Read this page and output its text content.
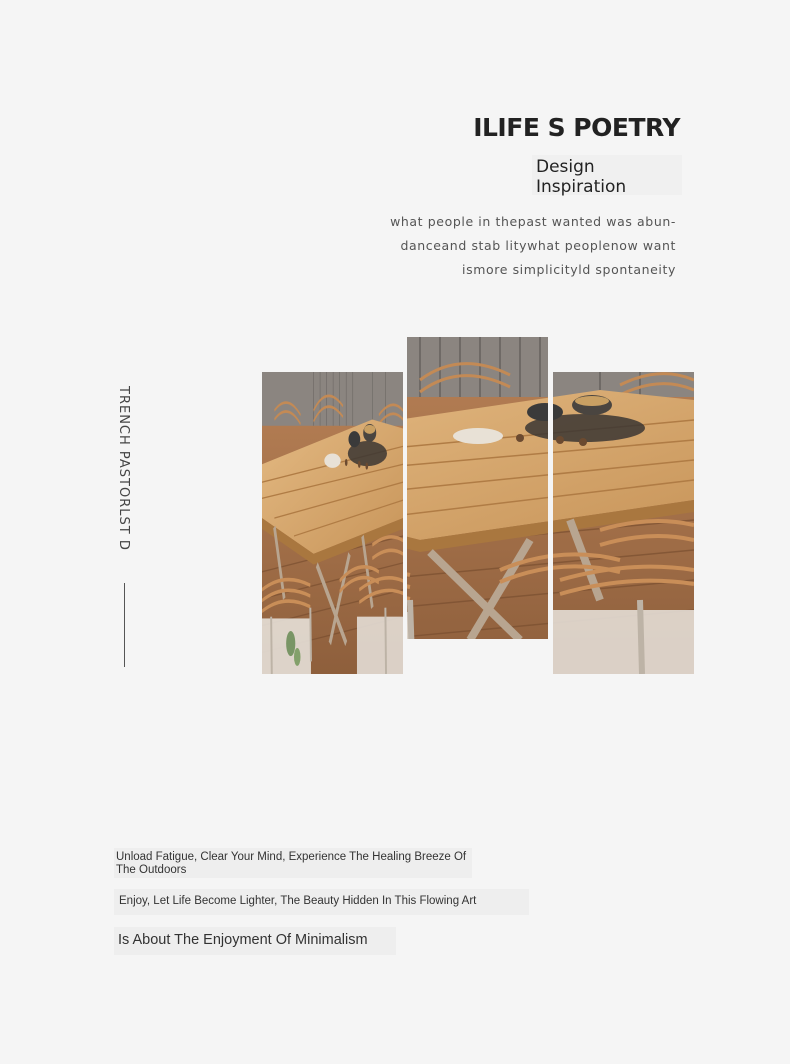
ILIFE S POETRY
Design
Inspiration
what people in thepast wanted was abun-
danceand stab litywhat peoplenow want
ismore simplicityld spontaneity
TRENCH PASTORLST D
Unload Fatigue, Clear Your Mind, Experience The Healing Breeze Of The Outdoors
Enjoy, Let Life Become Lighter, The Beauty Hidden In This Flowing Art
Is About The Enjoyment Of Minimalism
